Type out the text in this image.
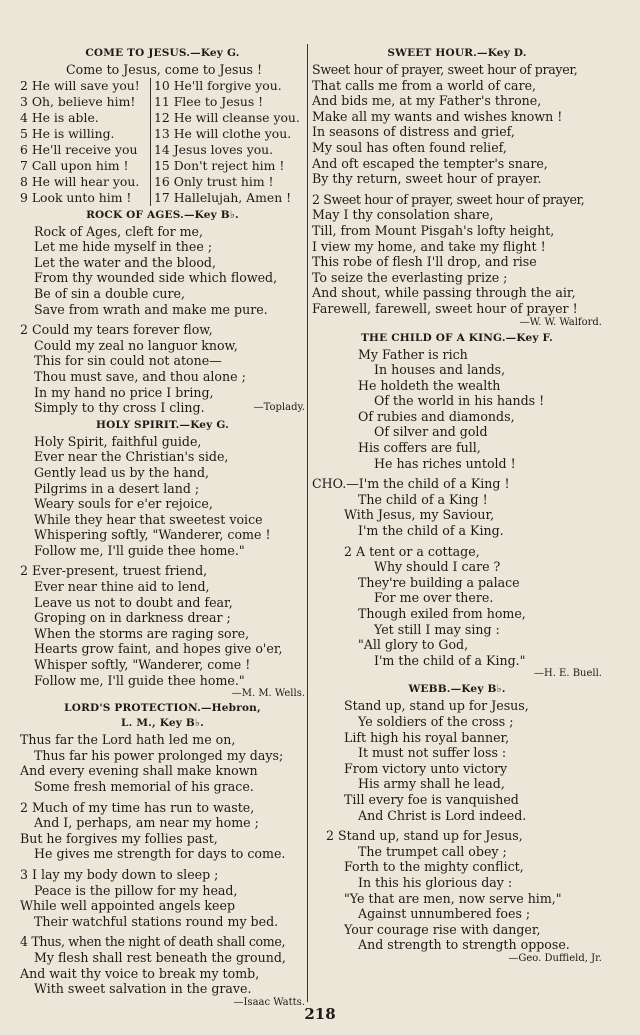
COME TO JESUS.—Key G.
Come to Jesus, come to Jesus !
2 He will save you!	10 He'll forgive you.
3 Oh, believe him!	11 Flee to Jesus !
4 He is able.	12 He will cleanse you.
5 He is willing.	13 He will clothe you.
6 He'll receive you	14 Jesus loves you.
7 Call upon him !	15 Don't reject him !
8 He will hear you.	16 Only trust him !
9 Look unto him !	17 Hallelujah, Amen !
ROCK OF AGES.—Key B♭.
Rock of Ages, cleft for me,
Let me hide myself in thee ;
Let the water and the blood,
From thy wounded side which flowed,
Be of sin a double cure,
Save from wrath and make me pure.
2 Could my tears forever flow,
Could my zeal no languor know,
This for sin could not atone—
Thou must save, and thou alone ;
In my hand no price I bring,
Simply to thy cross I cling.	—Toplady.
HOLY SPIRIT.—Key G.
Holy Spirit, faithful guide,
Ever near the Christian's side,
Gently lead us by the hand,
Pilgrims in a desert land ;
Weary souls for e'er rejoice,
While they hear that sweetest voice
Whispering softly, "Wanderer, come !
Follow me, I'll guide thee home."
2 Ever-present, truest friend,
Ever near thine aid to lend,
Leave us not to doubt and fear,
Groping on in darkness drear ;
When the storms are raging sore,
Hearts grow faint, and hopes give o'er,
Whisper softly, "Wanderer, come !
Follow me, I'll guide thee home."
—M. M. Wells.
LORD'S PROTECTION.—Hebron,
L. M., Key B♭.
Thus far the Lord hath led me on,
Thus far his power prolonged my days;
And every evening shall make known
Some fresh memorial of his grace.
2 Much of my time has run to waste,
And I, perhaps, am near my home ;
But he forgives my follies past,
He gives me strength for days to come.
3 I lay my body down to sleep ;
Peace is the pillow for my head,
While well appointed angels keep
Their watchful stations round my bed.
4 Thus, when the night of death shall come,
My flesh shall rest beneath the ground,
And wait thy voice to break my tomb,
With sweet salvation in the grave.
—Isaac Watts.
SWEET HOUR.—Key D.
Sweet hour of prayer, sweet hour of prayer,
That calls me from a world of care,
And bids me, at my Father's throne,
Make all my wants and wishes known !
In seasons of distress and grief,
My soul has often found relief,
And oft escaped the tempter's snare,
By thy return, sweet hour of prayer.
2 Sweet hour of prayer, sweet hour of prayer,
May I thy consolation share,
Till, from Mount Pisgah's lofty height,
I view my home, and take my flight !
This robe of flesh I'll drop, and rise
To seize the everlasting prize ;
And shout, while passing through the air,
Farewell, farewell, sweet hour of prayer !
—W. W. Walford.
THE CHILD OF A KING.—Key F.
My Father is rich
In houses and lands,
He holdeth the wealth
Of the world in his hands !
Of rubies and diamonds,
Of silver and gold
His coffers are full,
He has riches untold !
CHO.—I'm the child of a King !
The child of a King !
With Jesus, my Saviour,
I'm the child of a King.
2 A tent or a cottage,
Why should I care ?
They're building a palace
For me over there.
Though exiled from home,
Yet still I may sing :
"All glory to God,
I'm the child of a King."
—H. E. Buell.
WEBB.—Key B♭.
Stand up, stand up for Jesus,
Ye soldiers of the cross ;
Lift high his royal banner,
It must not suffer loss :
From victory unto victory
His army shall he lead,
Till every foe is vanquished
And Christ is Lord indeed.
2 Stand up, stand up for Jesus,
The trumpet call obey ;
Forth to the mighty conflict,
In this his glorious day :
"Ye that are men, now serve him,"
Against unnumbered foes ;
Your courage rise with danger,
And strength to strength oppose.
—Geo. Duffield, Jr.
218
